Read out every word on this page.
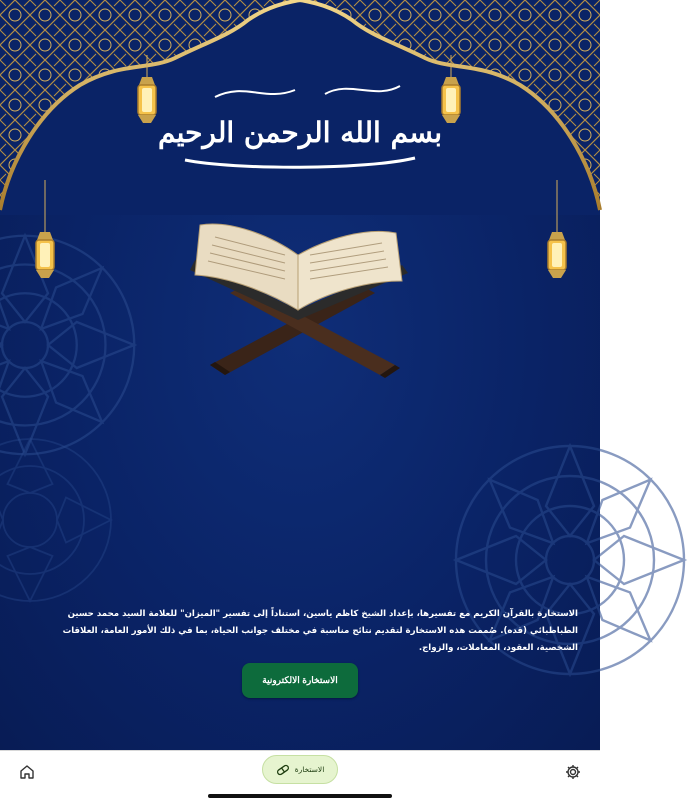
بسم الله الرحمن الرحيم

الاستخارة بالقرآن الكريم مع تفسيرها، بإعداد الشيخ كاظم ياسين، استناداً إلى تفسير "الميزان" للعلامة السيد محمد حسين الطباطبائي (قده). صُممت هذه الاستخارة لتقديم نتائج مناسبة في مختلف جوانب الحياة، بما في ذلك الأمور العامة، العلاقات الشخصية، العقود، المعاملات، والزواج.

الاستخارة الالكترونية
الاستخارة
